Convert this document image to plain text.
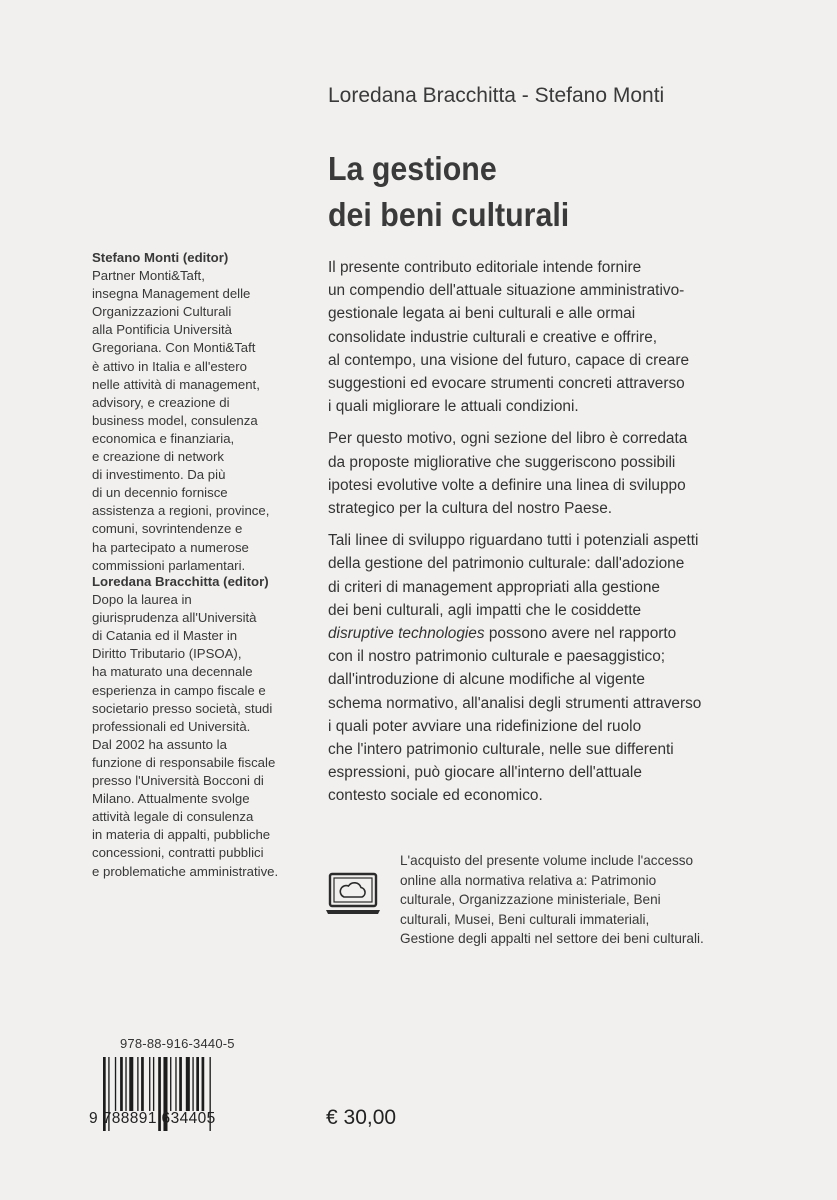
Loredana Bracchitta - Stefano Monti
La gestione
dei beni culturali
Stefano Monti (editor)
Partner Monti&Taft,
insegna Management delle
Organizzazioni Culturali
alla Pontificia Università
Gregoriana. Con Monti&Taft
è attivo in Italia e all'estero
nelle attività di management,
advisory, e creazione di
business model, consulenza
economica e finanziaria,
e creazione di network
di investimento. Da più
di un decennio fornisce
assistenza a regioni, province,
comuni, sovrintendenze e
ha partecipato a numerose
commissioni parlamentari.
Loredana Bracchitta (editor)
Dopo la laurea in
giurisprudenza all'Università
di Catania ed il Master in
Diritto Tributario (IPSOA),
ha maturato una decennale
esperienza in campo fiscale e
societario presso società, studi
professionali ed Università.
Dal 2002 ha assunto la
funzione di responsabile fiscale
presso l'Università Bocconi di
Milano. Attualmente svolge
attività legale di consulenza
in materia di appalti, pubbliche
concessioni, contratti pubblici
e problematiche amministrative.
Il presente contributo editoriale intende fornire
un compendio dell'attuale situazione amministrativo-
gestionale legata ai beni culturali e alle ormai
consolidate industrie culturali e creative e offrire,
al contempo, una visione del futuro, capace di creare
suggestioni ed evocare strumenti concreti attraverso
i quali migliorare le attuali condizioni.
Per questo motivo, ogni sezione del libro è corredata
da proposte migliorative che suggeriscono possibili
ipotesi evolutive volte a definire una linea di sviluppo
strategico per la cultura del nostro Paese.
Tali linee di sviluppo riguardano tutti i potenziali aspetti
della gestione del patrimonio culturale: dall'adozione
di criteri di management appropriati alla gestione
dei beni culturali, agli impatti che le cosiddette
disruptive technologies possono avere nel rapporto
con il nostro patrimonio culturale e paesaggistico;
dall'introduzione di alcune modifiche al vigente
schema normativo, all'analisi degli strumenti attraverso
i quali poter avviare una ridefinizione del ruolo
che l'intero patrimonio culturale, nelle sue differenti
espressioni, può giocare all'interno dell'attuale
contesto sociale ed economico.
L'acquisto del presente volume include l'accesso
online alla normativa relativa a: Patrimonio
culturale, Organizzazione ministeriale, Beni
culturali, Musei, Beni culturali immateriali,
Gestione degli appalti nel settore dei beni culturali.
978-88-916-3440-5
9 788891 634405	€ 30,00
